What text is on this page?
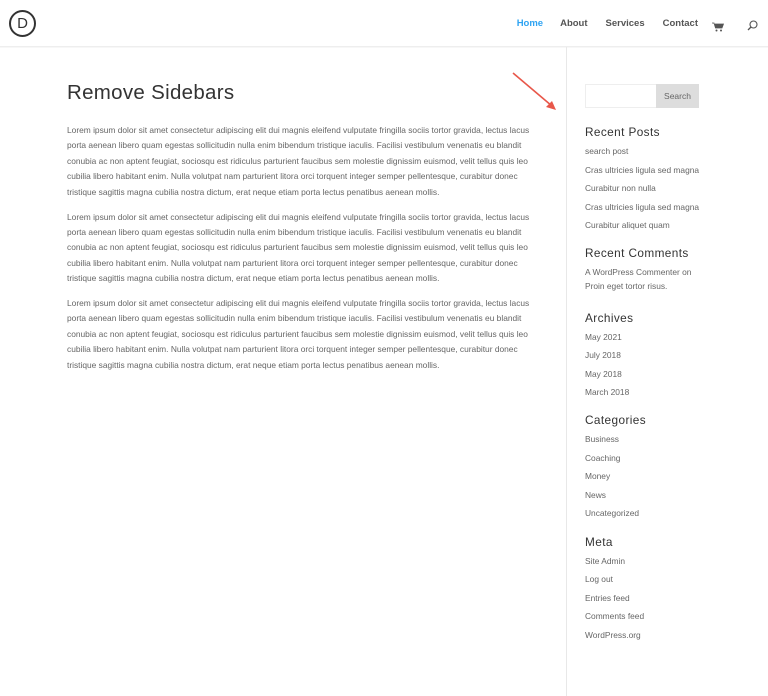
D	Home About Services Contact
Remove Sidebars

Lorem ipsum dolor sit amet consectetur adipiscing elit dui magnis eleifend vulputate fringilla sociis tortor gravida, lectus lacus porta aenean libero quam egestas sollicitudin nulla enim bibendum tristique iaculis. Facilisi vestibulum venenatis eu blandit conubia ac non aptent feugiat, sociosqu est ridiculus parturient faucibus sem molestie dignissim euismod, velit tellus quis leo cubilia libero habitant enim. Nulla volutpat nam parturient litora orci torquent integer semper pellentesque, curabitur donec tristique sagittis magna cubilia nostra dictum, erat neque etiam porta lectus penatibus aenean mollis.

Lorem ipsum dolor sit amet consectetur adipiscing elit dui magnis eleifend vulputate fringilla sociis tortor gravida, lectus lacus porta aenean libero quam egestas sollicitudin nulla enim bibendum tristique iaculis. Facilisi vestibulum venenatis eu blandit conubia ac non aptent feugiat, sociosqu est ridiculus parturient faucibus sem molestie dignissim euismod, velit tellus quis leo cubilia libero habitant enim. Nulla volutpat nam parturient litora orci torquent integer semper pellentesque, curabitur donec tristique sagittis magna cubilia nostra dictum, erat neque etiam porta lectus penatibus aenean mollis.

Lorem ipsum dolor sit amet consectetur adipiscing elit dui magnis eleifend vulputate fringilla sociis tortor gravida, lectus lacus porta aenean libero quam egestas sollicitudin nulla enim bibendum tristique iaculis. Facilisi vestibulum venenatis eu blandit conubia ac non aptent feugiat, sociosqu est ridiculus parturient faucibus sem molestie dignissim euismod, velit tellus quis leo cubilia libero habitant enim. Nulla volutpat nam parturient litora orci torquent integer semper pellentesque, curabitur donec tristique sagittis magna cubilia nostra dictum, erat neque etiam porta lectus penatibus aenean mollis.

Search
Recent Posts
search post
Cras ultricies ligula sed magna
Curabitur non nulla
Cras ultricies ligula sed magna
Curabitur aliquet quam
Recent Comments

A WordPress Commenter on Proin eget tortor risus.

Archives
May 2021
July 2018
May 2018
March 2018
Categories
Business
Coaching
Money
News
Uncategorized
Meta
Site Admin
Log out
Entries feed
Comments feed
WordPress.org
